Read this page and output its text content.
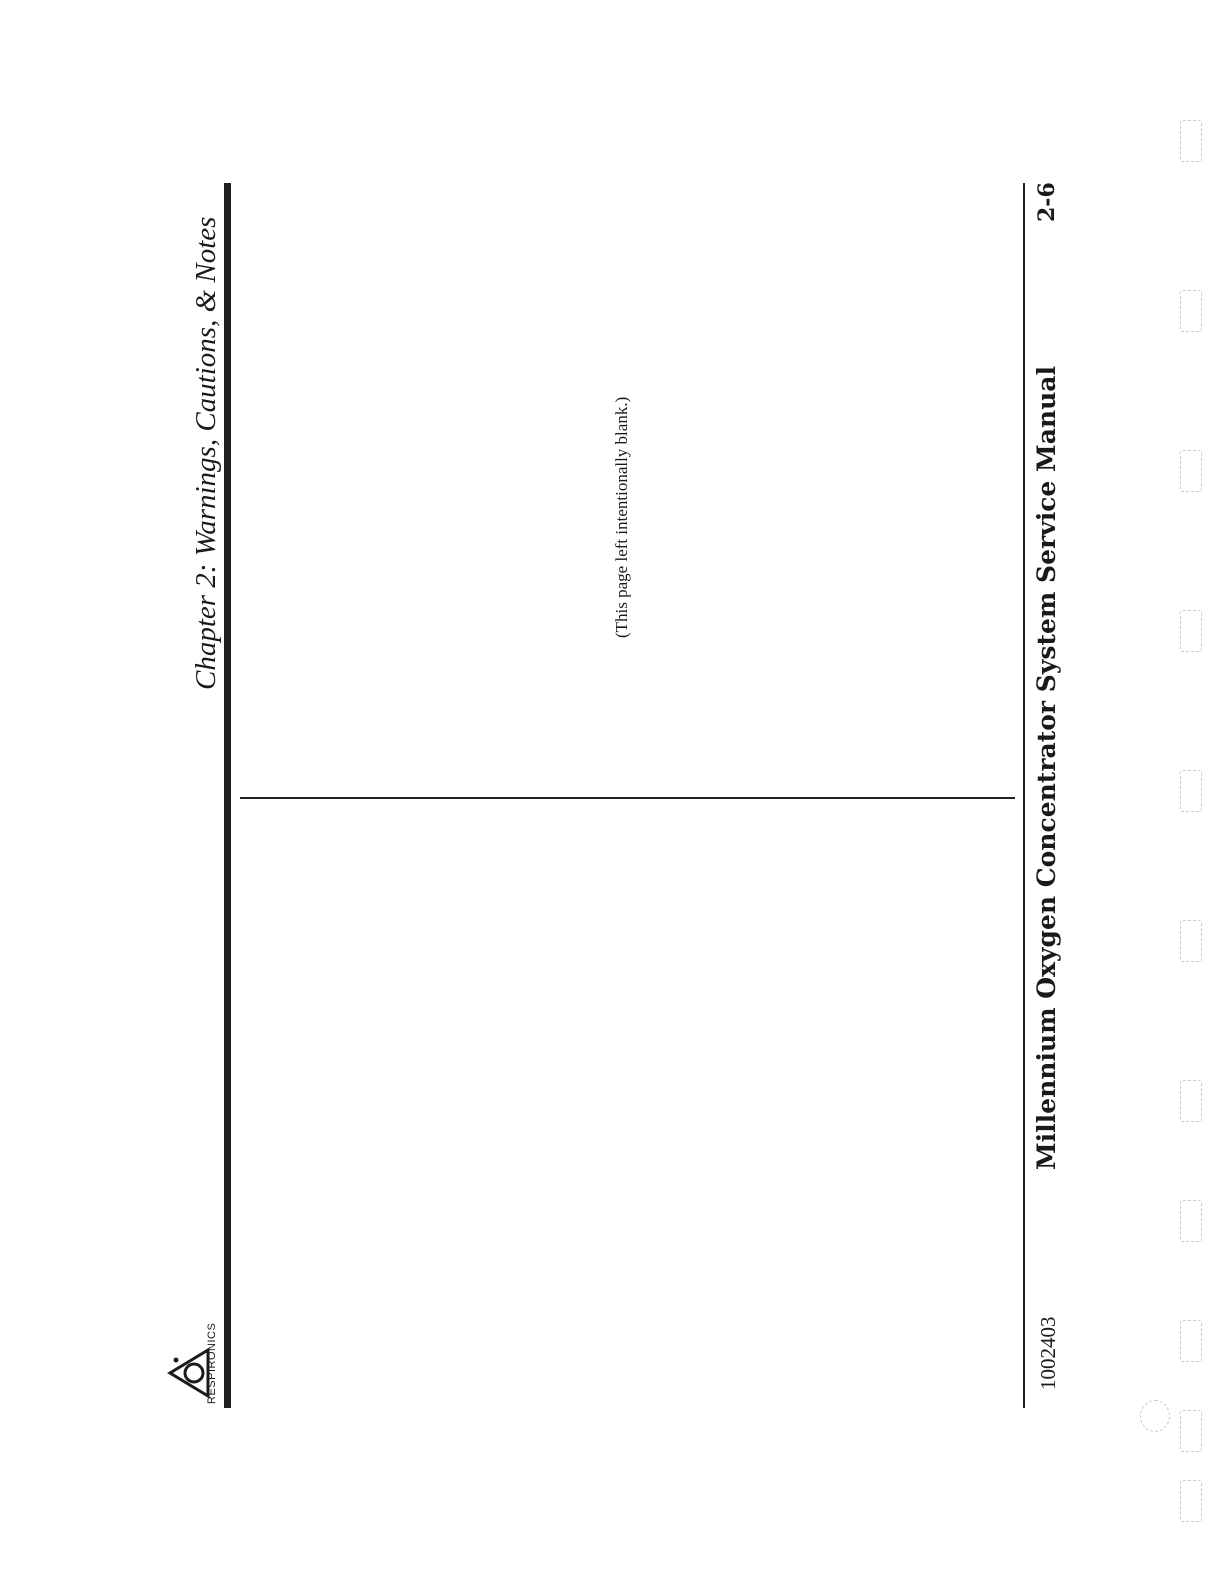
RESPIRONICS
Chapter 2: Warnings, Cautions, & Notes	(This page left intentionally blank.)
1002403
Millennium Oxygen Concentrator System Service Manual
2-6
